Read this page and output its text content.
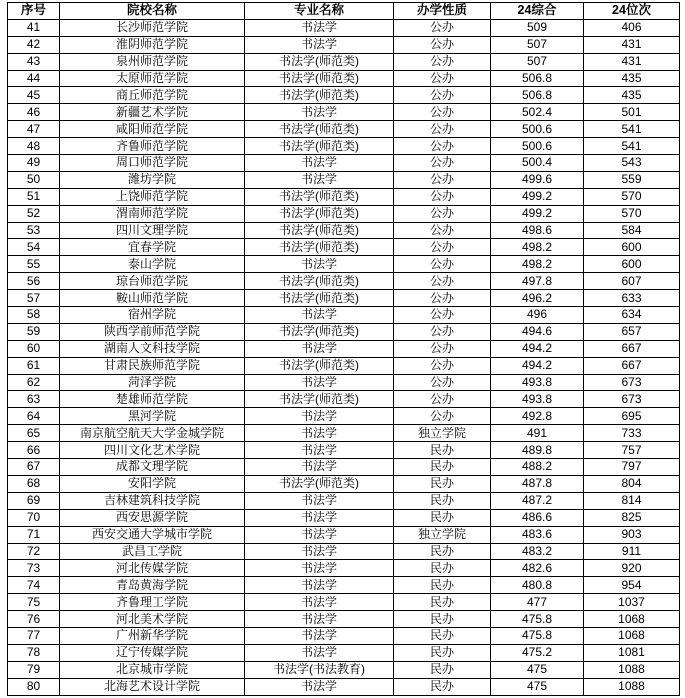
序号	院校名称	专业名称	办学性质	24综合	24位次
41	长沙师范学院	书法学	公办	509	406
42	淮阴师范学院	书法学	公办	507	431
43	泉州师范学院	书法学(师范类)	公办	507	431
44	太原师范学院	书法学(师范类)	公办	506.8	435
45	商丘师范学院	书法学(师范类)	公办	506.8	435
46	新疆艺术学院	书法学	公办	502.4	501
47	咸阳师范学院	书法学(师范类)	公办	500.6	541
48	齐鲁师范学院	书法学(师范类)	公办	500.6	541
49	周口师范学院	书法学	公办	500.4	543
50	潍坊学院	书法学	公办	499.6	559
51	上饶师范学院	书法学(师范类)	公办	499.2	570
52	渭南师范学院	书法学(师范类)	公办	499.2	570
53	四川文理学院	书法学(师范类)	公办	498.6	584
54	宜春学院	书法学(师范类)	公办	498.2	600
55	泰山学院	书法学	公办	498.2	600
56	琼台师范学院	书法学(师范类)	公办	497.8	607
57	鞍山师范学院	书法学(师范类)	公办	496.2	633
58	宿州学院	书法学	公办	496	634
59	陕西学前师范学院	书法学(师范类)	公办	494.6	657
60	湖南人文科技学院	书法学	公办	494.2	667
61	甘肃民族师范学院	书法学(师范类)	公办	494.2	667
62	菏泽学院	书法学	公办	493.8	673
63	楚雄师范学院	书法学(师范类)	公办	493.8	673
64	黑河学院	书法学	公办	492.8	695
65	南京航空航天大学金城学院	书法学	独立学院	491	733
66	四川文化艺术学院	书法学	民办	489.8	757
67	成都文理学院	书法学	民办	488.2	797
68	安阳学院	书法学(师范类)	民办	487.8	804
69	吉林建筑科技学院	书法学	民办	487.2	814
70	西安思源学院	书法学	民办	486.6	825
71	西安交通大学城市学院	书法学	独立学院	483.6	903
72	武昌工学院	书法学	民办	483.2	911
73	河北传媒学院	书法学	民办	482.6	920
74	青岛黄海学院	书法学	民办	480.8	954
75	齐鲁理工学院	书法学	民办	477	1037
76	河北美术学院	书法学	民办	475.8	1068
77	广州新华学院	书法学	民办	475.8	1068
78	辽宁传媒学院	书法学	民办	475.2	1081
79	北京城市学院	书法学(书法教育)	民办	475	1088
80	北海艺术设计学院	书法学	民办	475	1088
